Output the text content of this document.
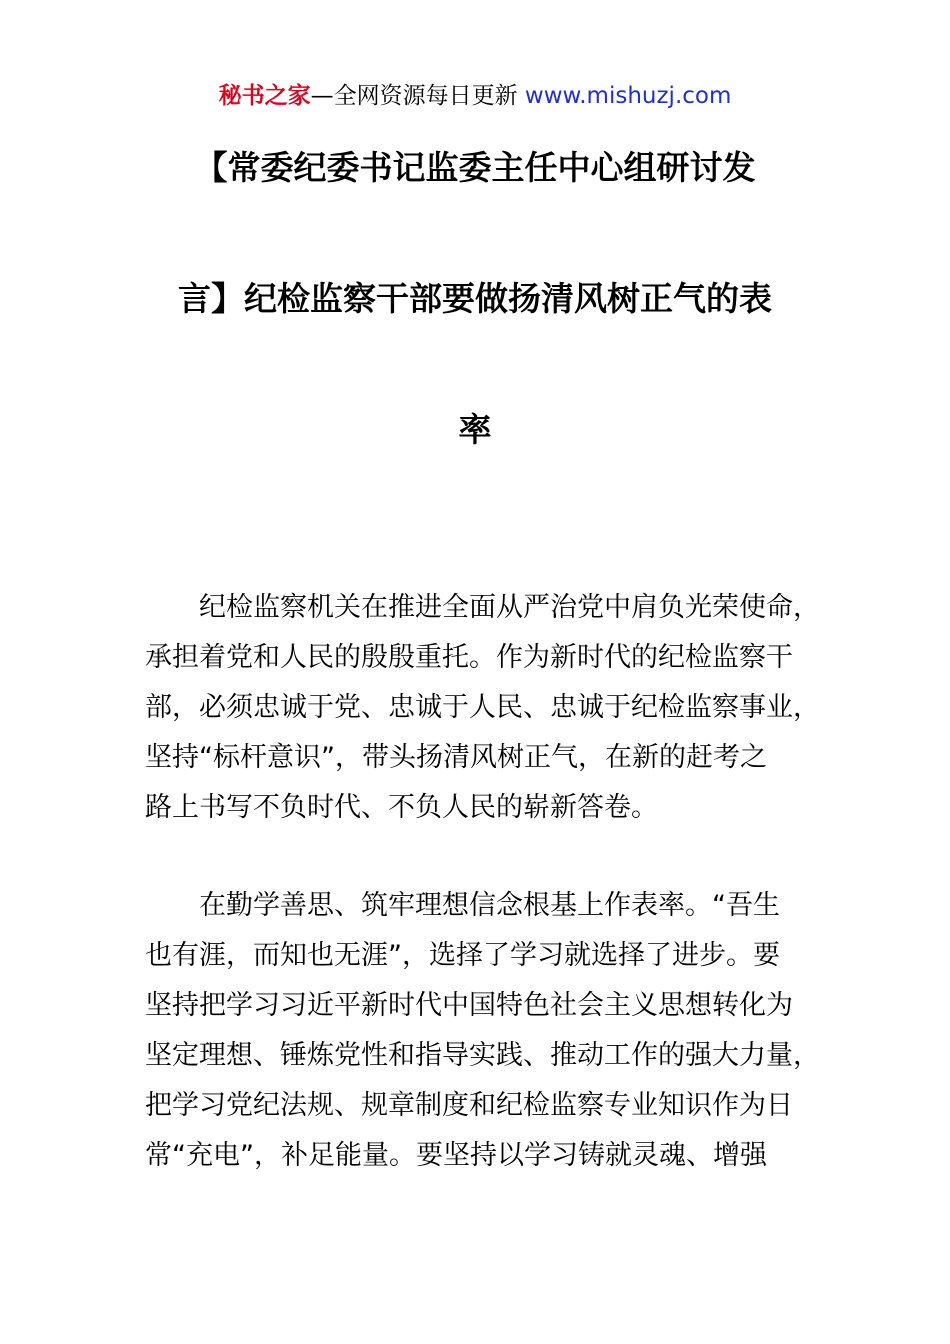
秘书之家—全网资源每日更新 www.mishuzj.com
【常委纪委书记监委主任中心组研讨发
言】纪检监察干部要做扬清风树正气的表
率
纪检监察机关在推进全面从严治党中肩负光荣使命，
承担着党和人民的殷殷重托。作为新时代的纪检监察干
部，必须忠诚于党、忠诚于人民、忠诚于纪检监察事业，
坚持“标杆意识”，带头扬清风树正气，在新的赶考之
路上书写不负时代、不负人民的崭新答卷。
在勤学善思、筑牢理想信念根基上作表率。“吾生
也有涯，而知也无涯”，选择了学习就选择了进步。要
坚持把学习习近平新时代中国特色社会主义思想转化为
坚定理想、锤炼党性和指导实践、推动工作的强大力量，
把学习党纪法规、规章制度和纪检监察专业知识作为日
常“充电”，补足能量。要坚持以学习铸就灵魂、增强
